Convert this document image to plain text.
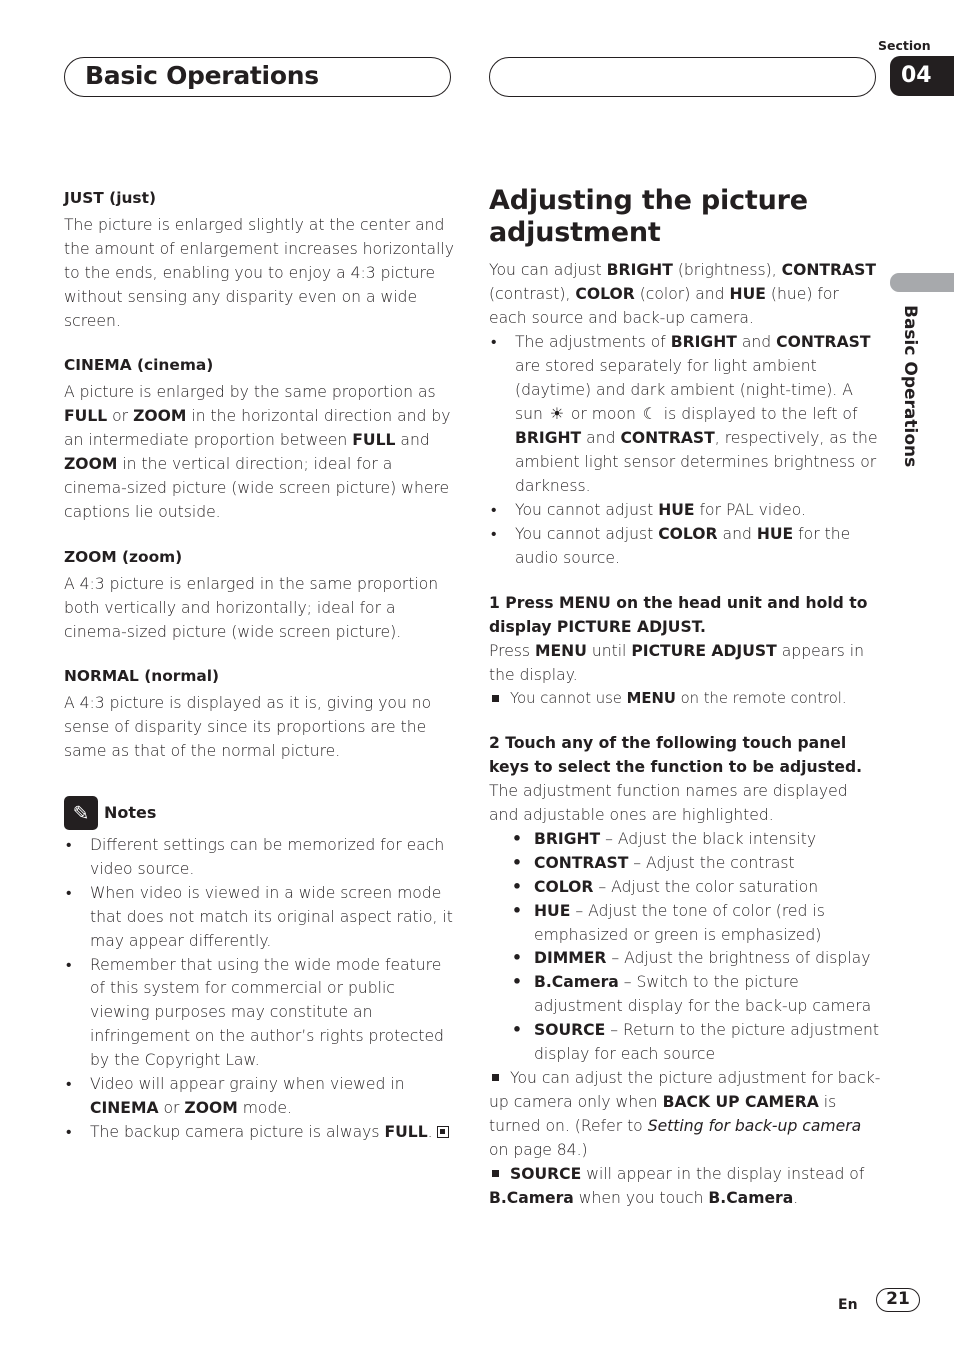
Basic Operations
Section
04
Basic Operations

JUST (just)

The picture is enlarged slightly at the center and the amount of enlargement increases horizontally to the ends, enabling you to enjoy a 4:3 picture without sensing any disparity even on a wide screen.

CINEMA (cinema)

A picture is enlarged by the same proportion as FULL or ZOOM in the horizontal direction and by an intermediate proportion between FULL and ZOOM in the vertical direction; ideal for a cinema-sized picture (wide screen picture) where captions lie outside.

ZOOM (zoom)

A 4:3 picture is enlarged in the same proportion both vertically and horizontally; ideal for a cinema-sized picture (wide screen picture).

NORMAL (normal)

A 4:3 picture is displayed as it is, giving you no sense of disparity since its proportions are the same as that of the normal picture.

✎ Notes
• Different settings can be memorized for each video source.
• When video is viewed in a wide screen mode that does not match its original aspect ratio, it may appear differently.
• Remember that using the wide mode feature of this system for commercial or public viewing purposes may constitute an infringement on the author’s rights protected by the Copyright Law.
• Video will appear grainy when viewed in CINEMA or ZOOM mode.
• The backup camera picture is always FULL.

Adjusting the picture adjustment

You can adjust BRIGHT (brightness), CONTRAST (contrast), COLOR (color) and HUE (hue) for each source and back-up camera.

• The adjustments of BRIGHT and CONTRAST are stored separately for light ambient (daytime) and dark ambient (night-time). A sun ☀ or moon ☾ is displayed to the left of BRIGHT and CONTRAST, respectively, as the ambient light sensor determines brightness or darkness.
• You cannot adjust HUE for PAL video.
• You cannot adjust COLOR and HUE for the audio source.

1 Press MENU on the head unit and hold to display PICTURE ADJUST.

Press MENU until PICTURE ADJUST appears in the display.

You cannot use MENU on the remote control.

2 Touch any of the following touch panel keys to select the function to be adjusted.

The adjustment function names are displayed and adjustable ones are highlighted.

• BRIGHT – Adjust the black intensity
• CONTRAST – Adjust the contrast
• COLOR – Adjust the color saturation
• HUE – Adjust the tone of color (red is emphasized or green is emphasized)
• DIMMER – Adjust the brightness of display
• B.Camera – Switch to the picture adjustment display for the back-up camera
• SOURCE – Return to the picture adjustment display for each source

You can adjust the picture adjustment for back-up camera only when BACK UP CAMERA is turned on. (Refer to Setting for back-up camera on page 84.)

SOURCE will appear in the display instead of B.Camera when you touch B.Camera.

En	21
